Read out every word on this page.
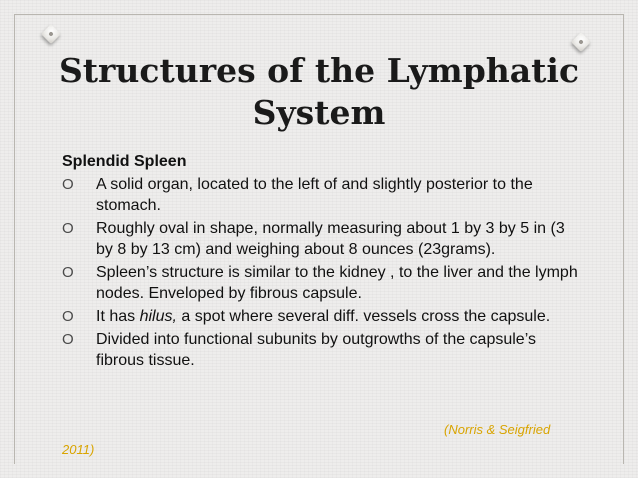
Structures of the Lymphatic System
Splendid Spleen
O A solid organ, located to the left of and slightly posterior to the stomach.
O Roughly oval in shape, normally measuring about 1 by 3 by 5 in (3 by 8 by 13 cm) and weighing about 8 ounces (23grams).
O Spleen’s structure is similar to the kidney , to the liver and the lymph nodes. Enveloped by fibrous capsule.
O It has hilus, a spot where several diff. vessels cross the capsule.
O Divided into functional subunits by outgrowths of the capsule’s fibrous tissue.
(Norris & Seigfried 2011)
